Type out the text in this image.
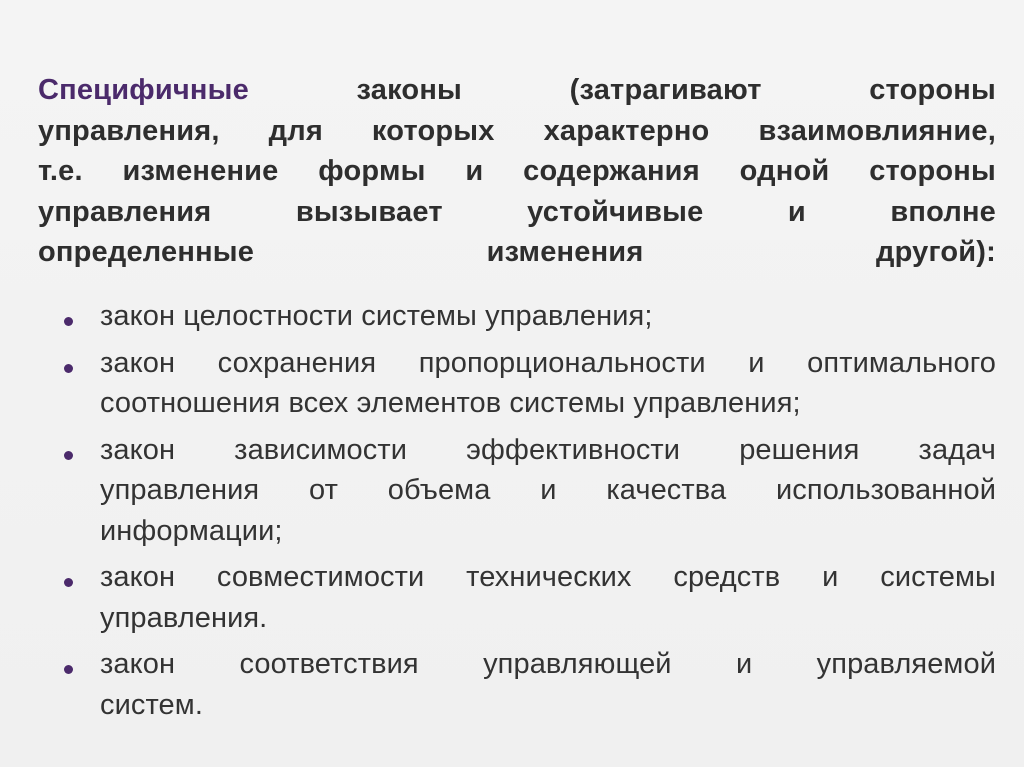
Специфичные законы (затрагивают стороны
управления, для которых характерно взаимовлияние,
т.е. изменение формы и содержания одной стороны
управления вызывает устойчивые и вполне
определенные изменения другой):
закон целостности системы управления;
закон сохранения пропорциональности и оптимального
соотношения всех элементов системы управления;
закон зависимости эффективности решения задач
управления от объема и качества использованной
информации;
закон совместимости технических средств и системы
управления.
закон соответствия управляющей и управляемой
систем.
